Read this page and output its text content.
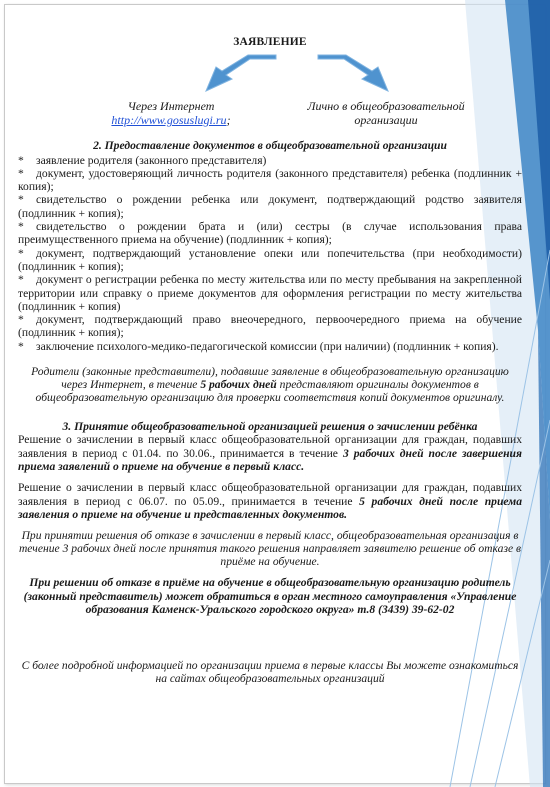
ЗАЯВЛЕНИЕ
Через Интернет
http://www.gosuslugi.ru;
Лично в общеобразовательной организации
2. Предоставление документов в общеобразовательной организации
* заявление родителя (законного представителя)
* документ, удостоверяющий личность родителя (законного представителя) ребенка (подлинник + копия);
* свидетельство о рождении ребенка или документ, подтверждающий родство заявителя (подлинник + копия);
* свидетельство о рождении брата и (или) сестры (в случае использования права преимущественного приема на обучение) (подлинник + копия);
* документ, подтверждающий установление опеки или попечительства (при необходимости) (подлинник + копия);
* документ о регистрации ребенка по месту жительства или по месту пребывания на закрепленной территории или справку о приеме документов для оформления регистрации по месту жительства (подлинник + копия)
* документ, подтверждающий право внеочередного, первоочередного приема на обучение (подлинник + копия);
* заключение психолого-медико-педагогической комиссии (при наличии) (подлинник + копия).

Родители (законные представители), подавшие заявление в общеобразовательную организацию через Интернет, в течение 5 рабочих дней представляют оригиналы документов в общеобразовательную организацию для проверки соответствия копий документов оригиналу.

3. Принятие общеобразовательной организацией решения о зачислении ребёнка

Решение о зачислении в первый класс общеобразовательной организации для граждан, подавших заявления в период с 01.04. по 30.06., принимается в течение 3 рабочих дней после завершения приема заявлений о приеме на обучение в первый класс.

Решение о зачислении в первый класс общеобразовательной организации для граждан, подавших заявления в период с 06.07. по 05.09., принимается в течение 5 рабочих дней после приема заявления о приеме на обучение и представленных документов.

При принятии решения об отказе в зачислении в первый класс, общеобразовательная организация в течение 3 рабочих дней после принятия такого решения направляет заявителю решение об отказе в приёме на обучение.

При решении об отказе в приёме на обучение в общеобразовательную организацию родитель (законный представитель) может обратиться в орган местного самоуправления «Управление образования Каменск-Уральского городского округа» т.8 (3439) 39-62-02

С более подробной информацией по организации приема в первые классы Вы можете ознакомиться на сайтах общеобразовательных организаций
